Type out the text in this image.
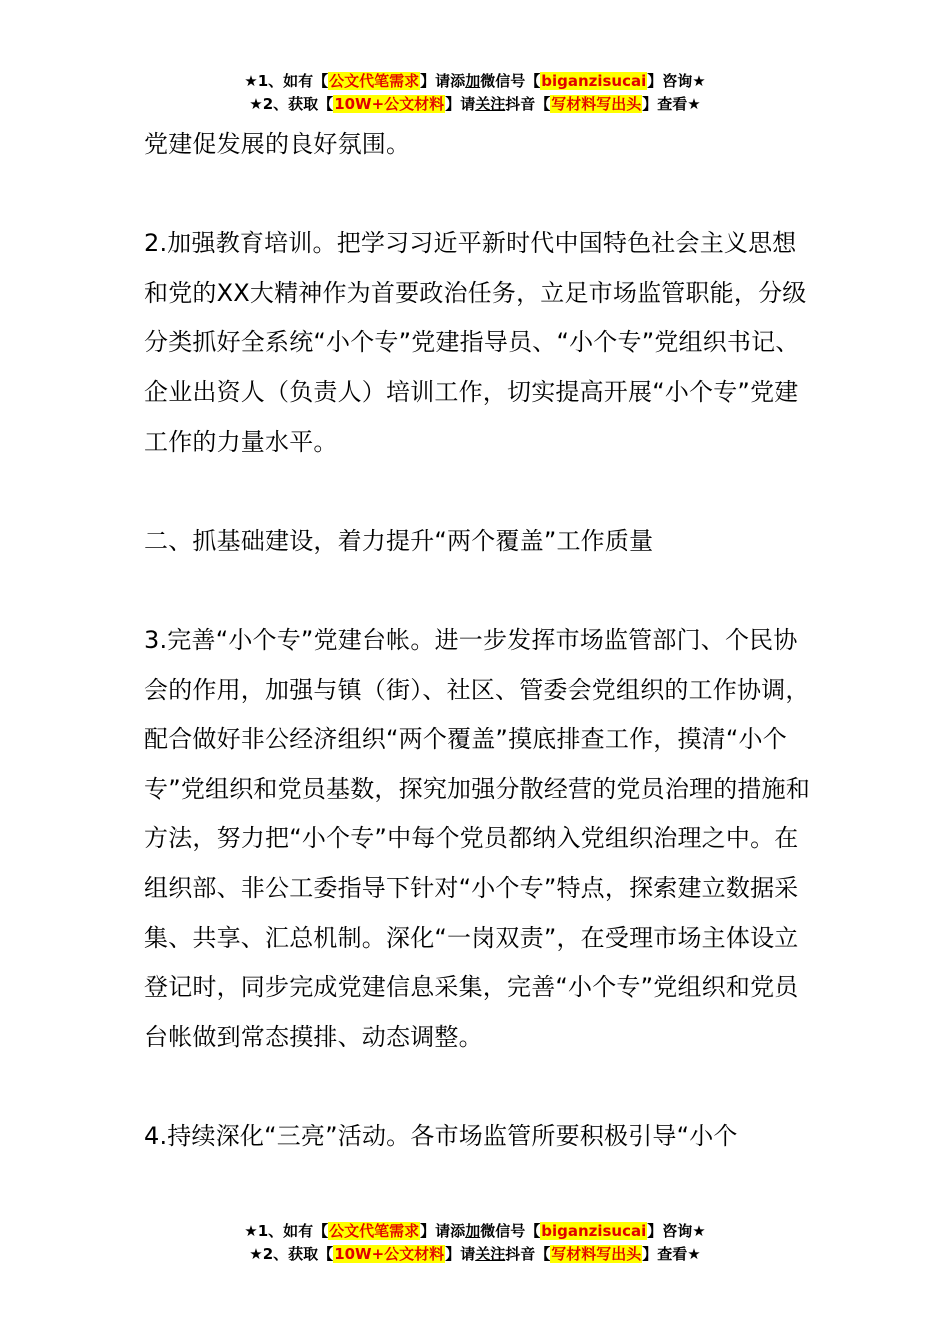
★1、如有【公文代笔需求】请添加微信号【biganzisucai】咨询★
★2、获取【10W+公文材料】请关注抖音【写材料写出头】查看★

党建促发展的良好氛围。

2.加强教育培训。把学习习近平新时代中国特色社会主义思想和党的XX大精神作为首要政治任务，立足市场监管职能，分级分类抓好全系统“小个专”党建指导员、“小个专”党组织书记、企业出资人（负责人）培训工作，切实提高开展“小个专”党建工作的力量水平。

二、抓基础建设，着力提升“两个覆盖”工作质量

3.完善“小个专”党建台帐。进一步发挥市场监管部门、个民协会的作用，加强与镇（街）、社区、管委会党组织的工作协调，配合做好非公经济组织“两个覆盖”摸底排查工作，摸清“小个专”党组织和党员基数，探究加强分散经营的党员治理的措施和方法，努力把“小个专”中每个党员都纳入党组织治理之中。在组织部、非公工委指导下针对“小个专”特点，探索建立数据采集、共享、汇总机制。深化“一岗双责”，在受理市场主体设立登记时，同步完成党建信息采集，完善“小个专”党组织和党员台帐做到常态摸排、动态调整。

4.持续深化“三亮”活动。各市场监管所要积极引导“小个

★1、如有【公文代笔需求】请添加微信号【biganzisucai】咨询★
★2、获取【10W+公文材料】请关注抖音【写材料写出头】查看★
